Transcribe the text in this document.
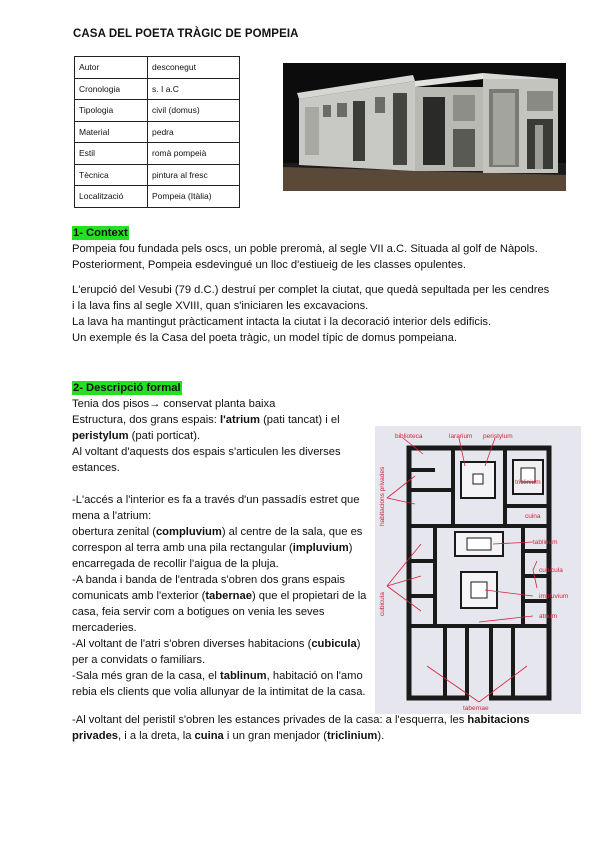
CASA DEL POETA TRÀGIC DE POMPEIA
Autor	desconegut
Cronologia	s. I a.C
Tipologia	civil (domus)
Material	pedra
Estil	romà pompeià
Tècnica	pintura al fresc
Localització	Pompeia (Itàlia)
1- Context

Pompeia fou fundada pels oscs, un poble preromà, al segle VII a.C. Situada al golf de Nàpols.

Posteriorment, Pompeia esdevingué un lloc d'estiueig de les classes opulentes.

L'erupció del Vesubi (79 d.C.) destruí per complet la ciutat, que quedà sepultada per les cendres i la lava fins al segle XVIII, quan s'iniciaren les excavacions.

La lava ha mantingut pràcticament intacta la ciutat i la decoració interior dels edificis.

Un exemple és la Casa del poeta tràgic, un model típic de domus pompeiana.

2- Descripció formal

Tenia dos pisos→ conservat planta baixa

Estructura, dos grans espais: l'atrium (pati tancat) i el peristylum (pati porticat).

Al voltant d'aquests dos espais s'articulen les diverses estances.

-L'accés a l'interior es fa a través d'un passadís estret que mena a l'atrium:

obertura zenital (compluvium) al centre de la sala, que es correspon al terra amb una pila rectangular (impluvium) encarregada de recollir l'aigua de la pluja.

-A banda i banda de l'entrada s'obren dos grans espais comunicats amb l'exterior (tabernae) que el propietari de la casa, feia servir com a botigues on venia les seves mercaderies.

-Al voltant de l'atri s'obren diverses habitacions (cubicula) per a convidats o familiars.

-Sala més gran de la casa, el tablinum, habitació on l'amo rebia els clients que volia allunyar de la intimitat de la casa.

-Al voltant del peristil s'obren les estances privades de la casa: a l'esquerra, les habitacions privades, i a la dreta, la cuina i un gran menjador (triclinium).

biblioteca	lararium peristylum
habitacions privades	triclinium
cuina
tablinum
cubicula
cubicula
impluvium
atrium
tabernae
